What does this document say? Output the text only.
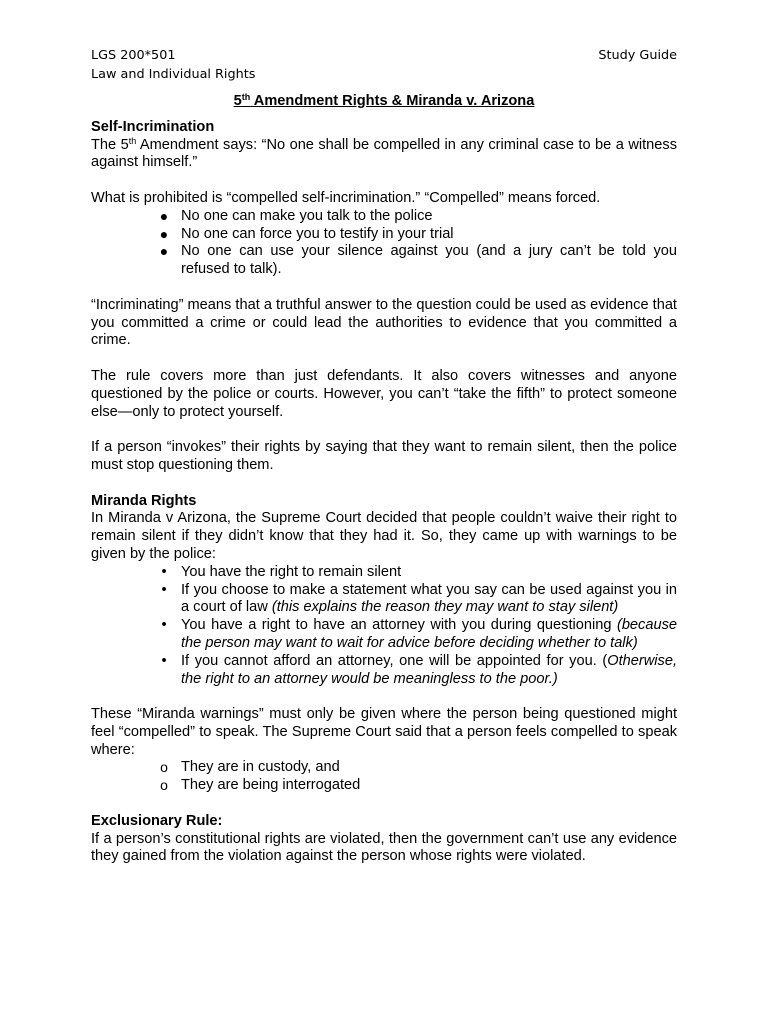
LGS 200*501
Law and Individual Rights
Study Guide
5th Amendment Rights & Miranda v. Arizona
Self-Incrimination

The 5th Amendment says: “No one shall be compelled in any criminal case to be a witness against himself.”

What is prohibited is “compelled self-incrimination.” “Compelled” means forced.

● No one can make you talk to the police
● No one can force you to testify in your trial
● No one can use your silence against you (and a jury can’t be told you refused to talk).

“Incriminating” means that a truthful answer to the question could be used as evidence that you committed a crime or could lead the authorities to evidence that you committed a crime.

The rule covers more than just defendants. It also covers witnesses and anyone questioned by the police or courts. However, you can’t “take the fifth” to protect someone else—only to protect yourself.

If a person “invokes” their rights by saying that they want to remain silent, then the police must stop questioning them.

Miranda Rights

In Miranda v Arizona, the Supreme Court decided that people couldn’t waive their right to remain silent if they didn’t know that they had it. So, they came up with warnings to be given by the police:

• You have the right to remain silent
• If you choose to make a statement what you say can be used against you in a court of law (this explains the reason they may want to stay silent)
• You have a right to have an attorney with you during questioning (because the person may want to wait for advice before deciding whether to talk)
• If you cannot afford an attorney, one will be appointed for you. (Otherwise, the right to an attorney would be meaningless to the poor.)

These “Miranda warnings” must only be given where the person being questioned might feel “compelled” to speak. The Supreme Court said that a person feels compelled to speak where:

o They are in custody, and
o They are being interrogated
Exclusionary Rule:

If a person’s constitutional rights are violated, then the government can’t use any evidence they gained from the violation against the person whose rights were violated.
